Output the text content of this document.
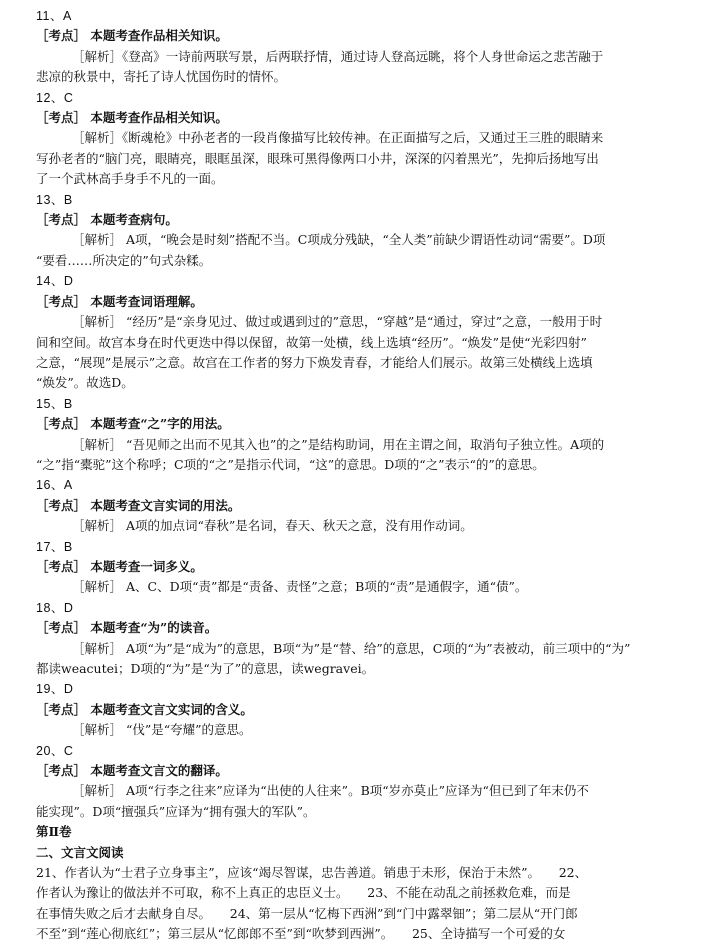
11、A
［考点］ 本题考查作品相关知识。
［解析］《登高》一诗前两联写景，后两联抒情，通过诗人登高远眺，将个人身世命运之悲苦融于
悲凉的秋景中，寄托了诗人忧国伤时的情怀。
12、C
［考点］ 本题考查作品相关知识。
［解析］《断魂枪》中孙老者的一段肖像描写比较传神。在正面描写之后，又通过王三胜的眼睛来
写孙老者的“脑门亮，眼睛亮，眼眶虽深，眼珠可黑得像两口小井，深深的闪着黑光”，先抑后扬地写出
了一个武林高手身手不凡的一面。
13、B
［考点］ 本题考查病句。
［解析］ A项，“晚会是时刻”搭配不当。C项成分残缺，“全人类”前缺少谓语性动词“需要”。D项
“要看……所决定的”句式杂糅。
14、D
［考点］ 本题考查词语理解。
［解析］ “经历”是“亲身见过、做过或遇到过的”意思，“穿越”是“通过，穿过”之意，一般用于时
间和空间。故宫本身在时代更迭中得以保留，故第一处横，线上选填“经历”。“焕发”是使“光彩四射”
之意，“展现”是展示”之意。故宫在工作者的努力下焕发青春，才能给人们展示。故第三处横线上选填
“焕发”。故选D。
15、B
［考点］ 本题考查“之”字的用法。
［解析］ “吾见师之出而不见其入也”的之”是结构助词，用在主谓之间，取消句子独立性。A项的
“之”指“橐驼”这个称呼；C项的“之”是指示代词，“这”的意思。D项的“之”表示“的”的意思。
16、A
［考点］ 本题考查文言实词的用法。
［解析］ A项的加点词“春秋”是名词，春天、秋天之意，没有用作动词。
17、B
［考点］ 本题考查一词多义。
［解析］ A、C、D项“责”都是“责备、责怪”之意；B项的“责”是通假字，通“债”。
18、D
［考点］ 本题考查“为”的读音。
［解析］ A项“为”是“成为”的意思，B项“为”是“替、给”的意思，C项的“为”表被动，前三项中的“为”
都读weacutei；D项的“为”是“为了”的意思，读wegravei。
19、D
［考点］ 本题考查文言文实词的含义。
［解析］ “伐”是“夸耀”的意思。
20、C
［考点］ 本题考查文言文的翻译。
［解析］ A项“行李之往来”应译为“出使的人往来”。B项“岁亦莫止”应译为“但已到了年末仍不
能实现”。D项“擅强兵”应译为“拥有强大的军队”。
第Ⅱ卷
二、文言文阅读
21、作者认为“士君子立身事主”，应该“竭尽智谋，忠告善道。销患于未形，保治于未然”。　　22、
作者认为豫让的做法并不可取，称不上真正的忠臣义士。　　23、不能在动乱之前拯救危难，而是
在事情失败之后才去献身自尽。　　24、第一层从“忆梅下西洲”到“门中露翠钿”；第二层从“开门郎
不至”到“莲心彻底红”；第三层从“忆郎郎不至”到“吹梦到西洲”。　　25、全诗描写一个可爱的女
